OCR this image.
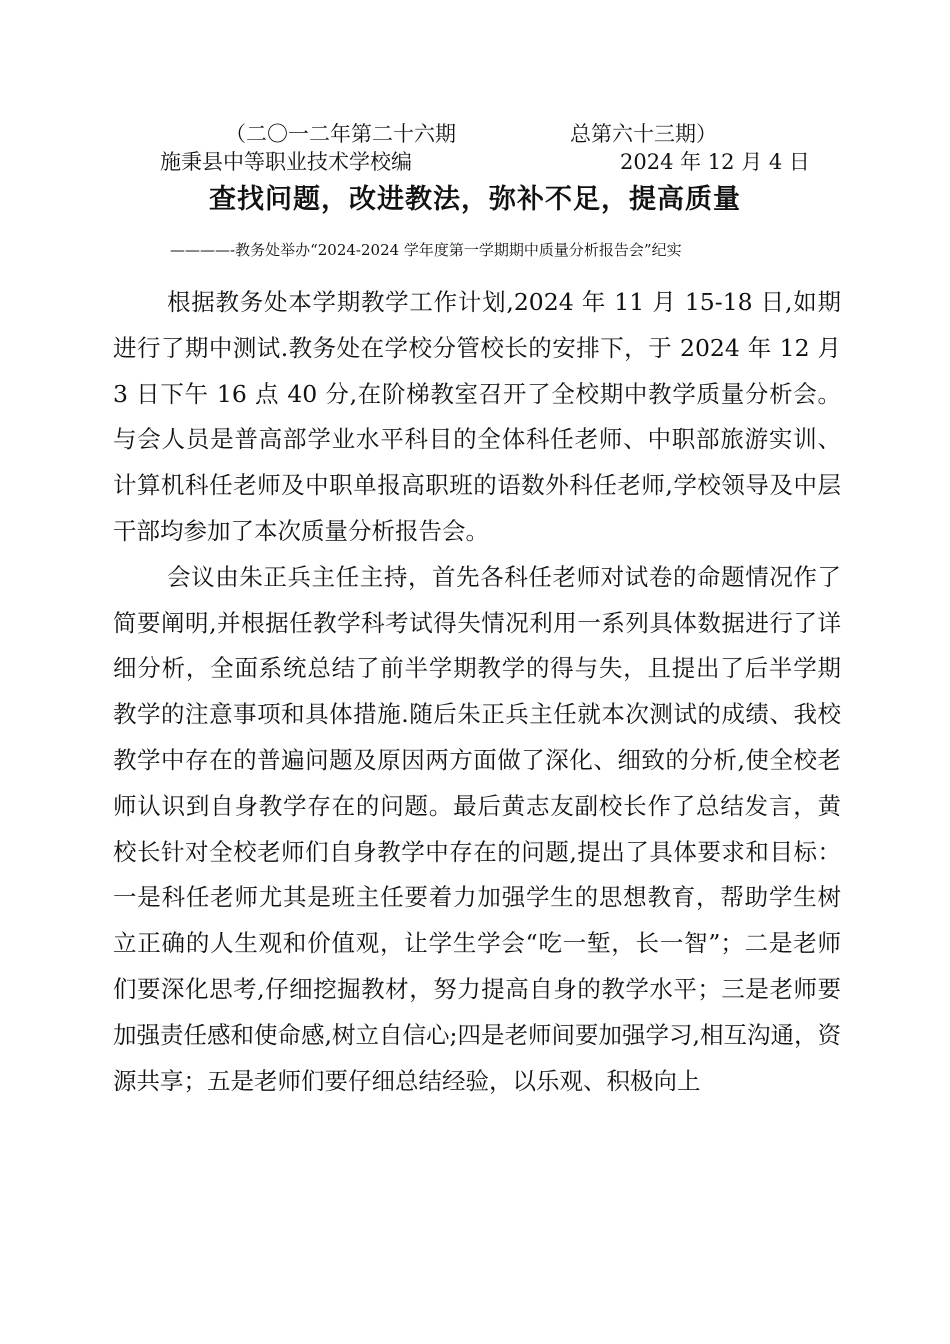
（二〇一二年第二十六期	总第六十三期）
施秉县中等职业技术学校编	2024 年 12 月 4 日
查找问题，改进教法，弥补不足，提高质量
————-教务处举办“2024-2024 学年度第一学期期中质量分析报告会”纪实

根据教务处本学期教学工作计划,2024 年 11 月 15-18 日,如期进行了期中测试.教务处在学校分管校长的安排下，于 2024 年 12 月 3 日下午 16 点 40 分,在阶梯教室召开了全校期中教学质量分析会。与会人员是普高部学业水平科目的全体科任老师、中职部旅游实训、计算机科任老师及中职单报高职班的语数外科任老师,学校领导及中层干部均参加了本次质量分析报告会。

会议由朱正兵主任主持，首先各科任老师对试卷的命题情况作了简要阐明,并根据任教学科考试得失情况利用一系列具体数据进行了详细分析，全面系统总结了前半学期教学的得与失，且提出了后半学期教学的注意事项和具体措施.随后朱正兵主任就本次测试的成绩、我校教学中存在的普遍问题及原因两方面做了深化、细致的分析,使全校老师认识到自身教学存在的问题。最后黄志友副校长作了总结发言，黄校长针对全校老师们自身教学中存在的问题,提出了具体要求和目标：一是科任老师尤其是班主任要着力加强学生的思想教育，帮助学生树立正确的人生观和价值观，让学生学会“吃一堑，长一智”；二是老师们要深化思考,仔细挖掘教材，努力提高自身的教学水平；三是老师要加强责任感和使命感,树立自信心;四是老师间要加强学习,相互沟通，资源共享；五是老师们要仔细总结经验，以乐观、积极向上
